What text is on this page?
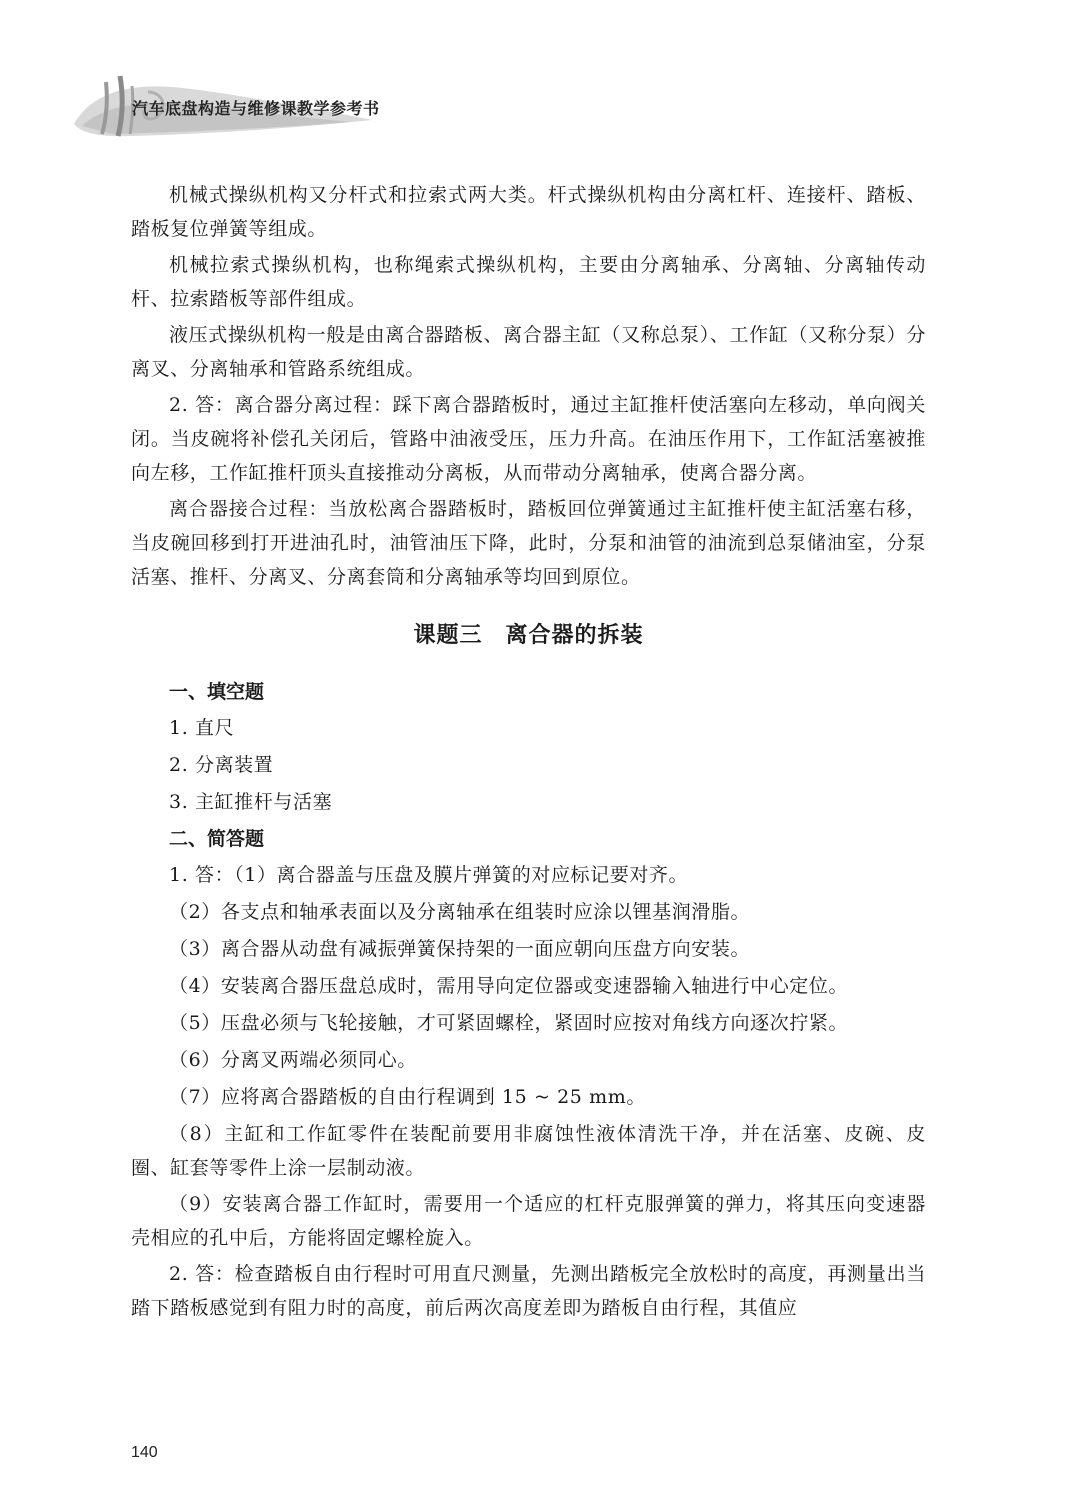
汽车底盘构造与维修课教学参考书

机械式操纵机构又分杆式和拉索式两大类。杆式操纵机构由分离杠杆、连接杆、踏板、踏板复位弹簧等组成。

机械拉索式操纵机构，也称绳索式操纵机构，主要由分离轴承、分离轴、分离轴传动杆、拉索踏板等部件组成。

液压式操纵机构一般是由离合器踏板、离合器主缸（又称总泵）、工作缸（又称分泵）分离叉、分离轴承和管路系统组成。

2. 答：离合器分离过程：踩下离合器踏板时，通过主缸推杆使活塞向左移动，单向阀关闭。当皮碗将补偿孔关闭后，管路中油液受压，压力升高。在油压作用下，工作缸活塞被推向左移，工作缸推杆顶头直接推动分离板，从而带动分离轴承，使离合器分离。

离合器接合过程：当放松离合器踏板时，踏板回位弹簧通过主缸推杆使主缸活塞右移，当皮碗回移到打开进油孔时，油管油压下降，此时，分泵和油管的油流到总泵储油室，分泵活塞、推杆、分离叉、分离套筒和分离轴承等均回到原位。

课题三　离合器的拆装
一、填空题
1. 直尺
2. 分离装置
3. 主缸推杆与活塞
二、简答题
1. 答：（1）离合器盖与压盘及膜片弹簧的对应标记要对齐。
（2）各支点和轴承表面以及分离轴承在组装时应涂以锂基润滑脂。
（3）离合器从动盘有减振弹簧保持架的一面应朝向压盘方向安装。
（4）安装离合器压盘总成时，需用导向定位器或变速器输入轴进行中心定位。
（5）压盘必须与飞轮接触，才可紧固螺栓，紧固时应按对角线方向逐次拧紧。
（6）分离叉两端必须同心。
（7）应将离合器踏板的自由行程调到 15 ~ 25 mm。

（8）主缸和工作缸零件在装配前要用非腐蚀性液体清洗干净，并在活塞、皮碗、皮圈、缸套等零件上涂一层制动液。

（9）安装离合器工作缸时，需要用一个适应的杠杆克服弹簧的弹力，将其压向变速器壳相应的孔中后，方能将固定螺栓旋入。

2. 答：检查踏板自由行程时可用直尺测量，先测出踏板完全放松时的高度，再测量出当踏下踏板感觉到有阻力时的高度，前后两次高度差即为踏板自由行程，其值应

140
